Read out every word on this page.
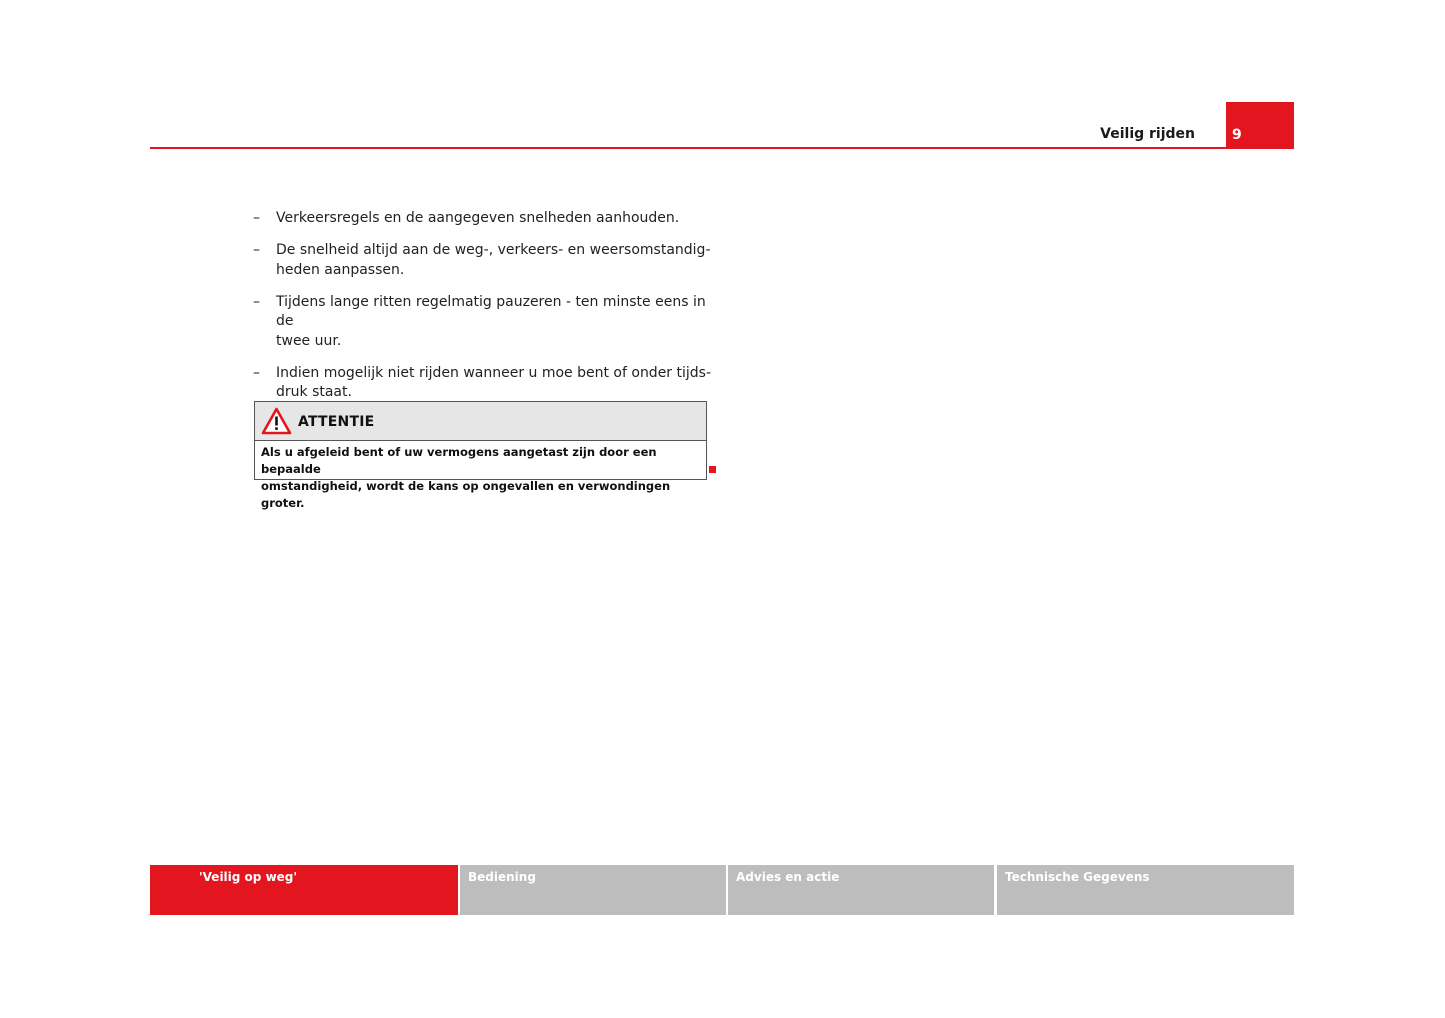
Veilig rijden	9
– Verkeersregels en de aangegeven snelheden aanhouden.
– De snelheid altijd aan de weg-, verkeers- en weersomstandig-
heden aanpassen.
– Tijdens lange ritten regelmatig pauzeren - ten minste eens in de
twee uur.
– Indien mogelijk niet rijden wanneer u moe bent of onder tijds-
druk staat.
ATTENTIE
Als u afgeleid bent of uw vermogens aangetast zijn door een bepaalde
omstandigheid, wordt de kans op ongevallen en verwondingen groter.
'Veilig op weg'	Bediening	Advies en actie	Technische Gegevens
